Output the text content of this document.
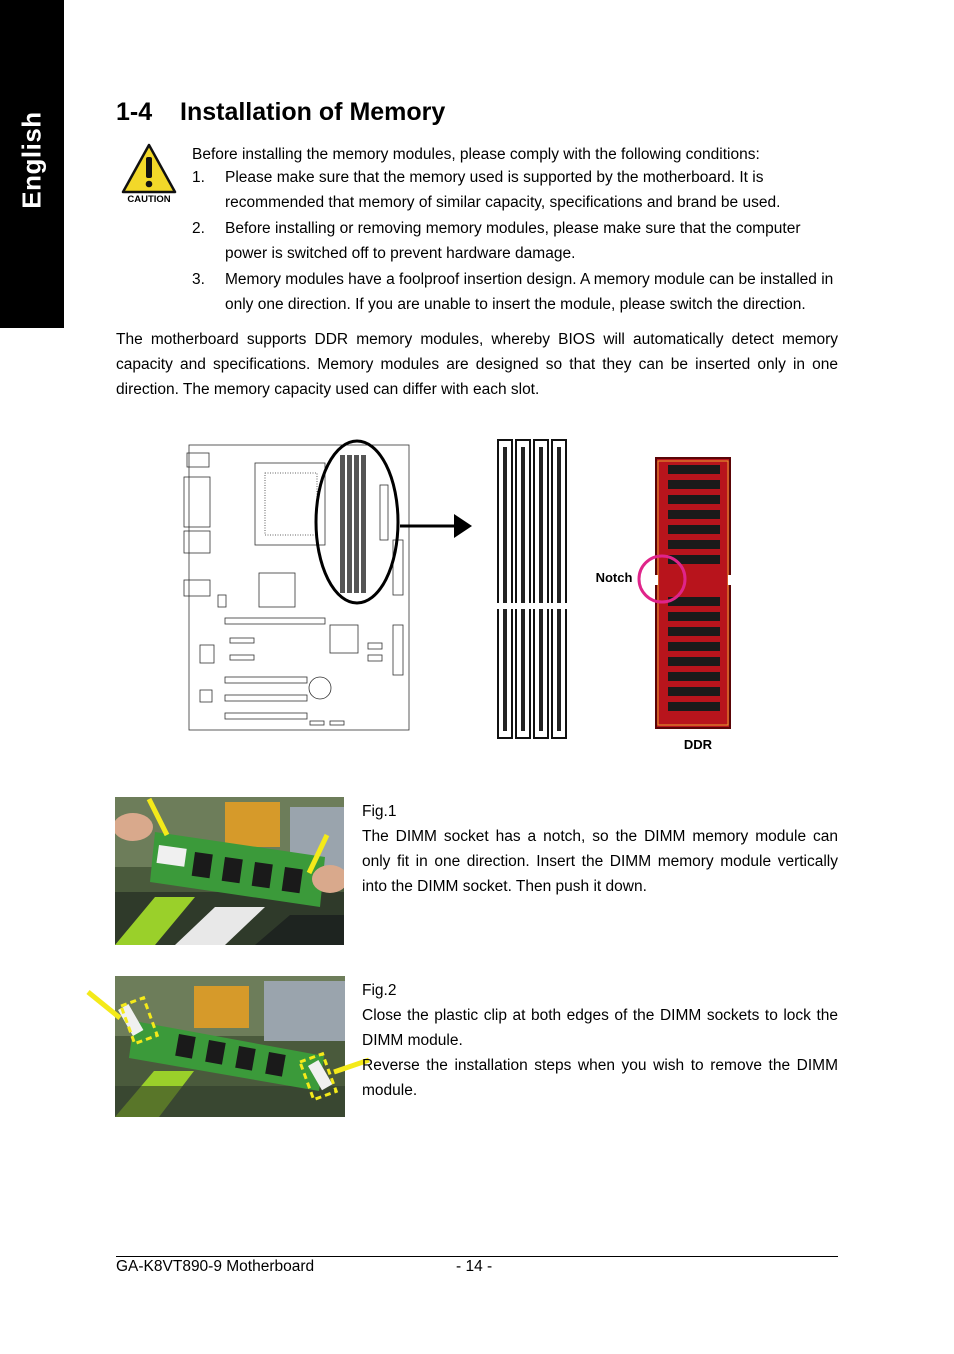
English	1-4 Installation of Memory
CAUTION
Before installing the memory modules, please comply with the following conditions:
1. Please make sure that the memory used is supported by the motherboard. It is recommended that memory of similar capacity, specifications and brand be used.
2. Before installing or removing memory modules, please make sure that the computer power is switched off to prevent hardware damage.
3. Memory modules have a foolproof insertion design. A memory module can be installed in only one direction. If you are unable to insert the module, please switch the direction.

The motherboard supports DDR memory modules, whereby BIOS will automatically detect memory capacity and specifications. Memory modules are designed so that they can be inserted only in one direction. The memory capacity used can differ with each slot.

Notch
DDR

Fig.1

The DIMM socket has a notch, so the DIMM memory module can only fit in one direction. Insert the DIMM memory module vertically into the DIMM socket. Then push it down.

Fig.2

Close the plastic clip at both edges of the DIMM sockets to lock the DIMM module.

Reverse the installation steps when you wish to remove the DIMM module.

GA-K8VT890-9 Motherboard	- 14 -
